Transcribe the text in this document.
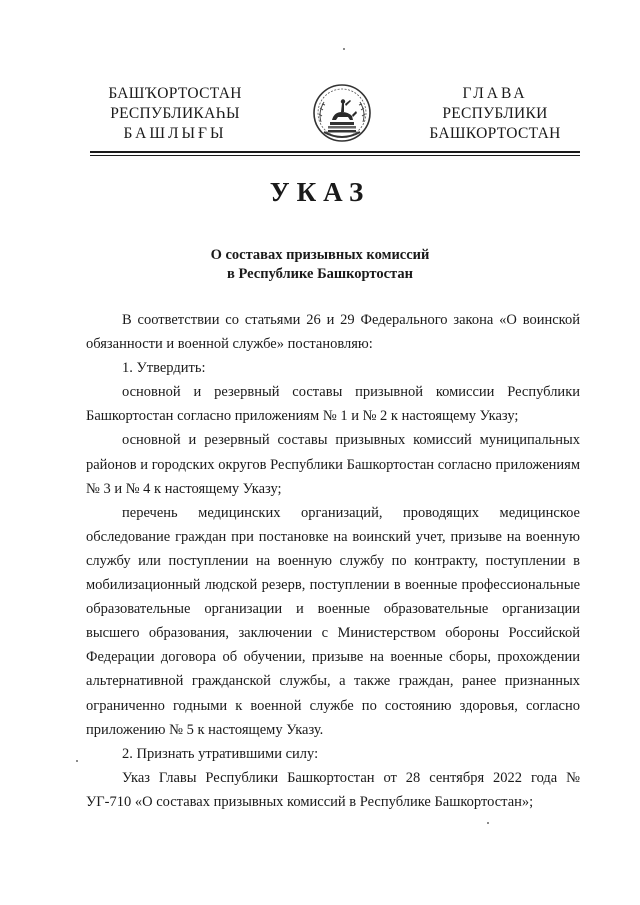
БАШҠОРТОСТАН
РЕСПУБЛИКАҺЫ
БАШЛЫҒЫ
ГЛАВА
РЕСПУБЛИКИ
БАШКОРТОСТАН
УКАЗ
О составах призывных комиссий
в Республике Башкортостан

В соответствии со статьями 26 и 29 Федерального закона «О воинской обязанности и военной службе» постановляю:

1. Утвердить:

основной и резервный составы призывной комиссии Республики Башкортостан согласно приложениям № 1 и № 2 к настоящему Указу;

основной и резервный составы призывных комиссий муниципальных районов и городских округов Республики Башкортостан согласно приложениям № 3 и № 4 к настоящему Указу;

перечень медицинских организаций, проводящих медицинское обследование граждан при постановке на воинский учет, призыве на военную службу или поступлении на военную службу по контракту, поступлении в мобилизационный людской резерв, поступлении в военные профессиональные образовательные организации и военные образовательные организации высшего образования, заключении с Министерством обороны Российской Федерации договора об обучении, призыве на военные сборы, прохождении альтернативной гражданской службы, а также граждан, ранее признанных ограниченно годными к военной службе по состоянию здоровья, согласно приложению № 5 к настоящему Указу.

2. Признать утратившими силу:

Указ Главы Республики Башкортостан от 28 сентября 2022 года № УГ-710 «О составах призывных комиссий в Республике Башкортостан»;
